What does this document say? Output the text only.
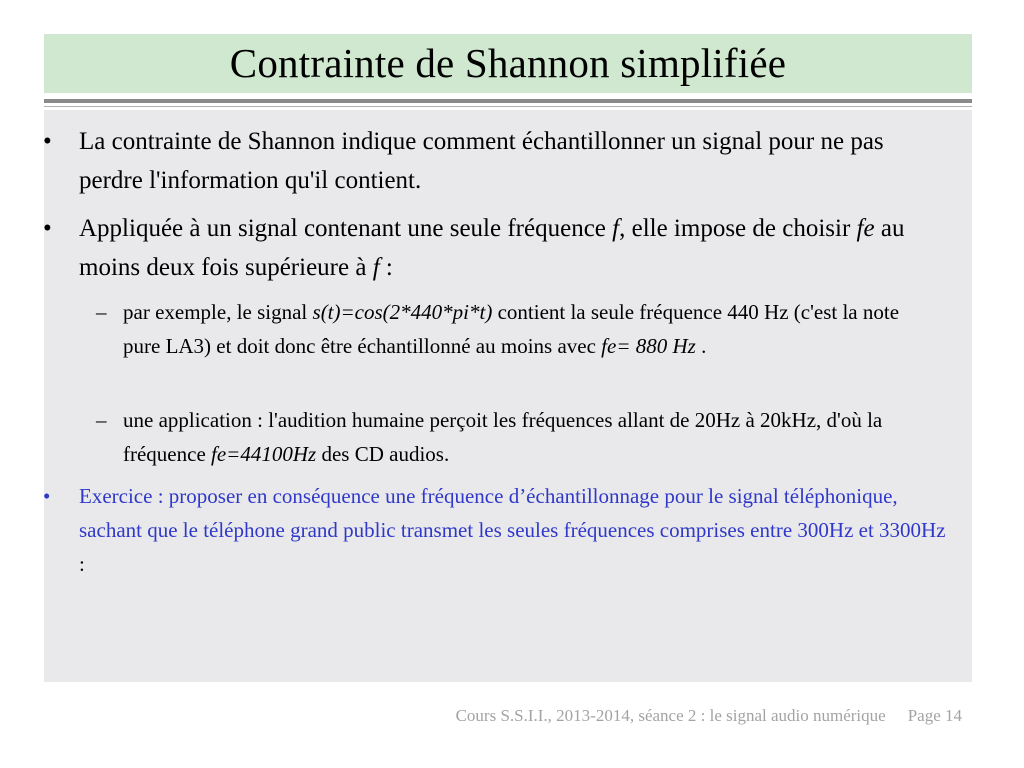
Contrainte de Shannon simplifiée
• La contrainte de Shannon indique comment échantillonner un signal pour ne pas perdre l'information qu'il contient.
• Appliquée à un signal contenant une seule fréquence f, elle impose de choisir fe au moins deux fois supérieure à f :
– par exemple, le signal s(t)=cos(2*440*pi*t) contient la seule fréquence 440 Hz (c'est la note pure LA3) et doit donc être échantillonné au moins avec fe= 880 Hz .
– une application : l'audition humaine perçoit les fréquences allant de 20Hz à 20kHz, d'où la fréquence fe=44100Hz des CD audios.
• Exercice : proposer en conséquence une fréquence d’échantillonnage pour le signal téléphonique, sachant que le téléphone grand public transmet les seules fréquences comprises entre 300Hz et 3300Hz :
Cours S.S.I.I., 2013-2014, séance 2 : le signal audio numérique Page 14
